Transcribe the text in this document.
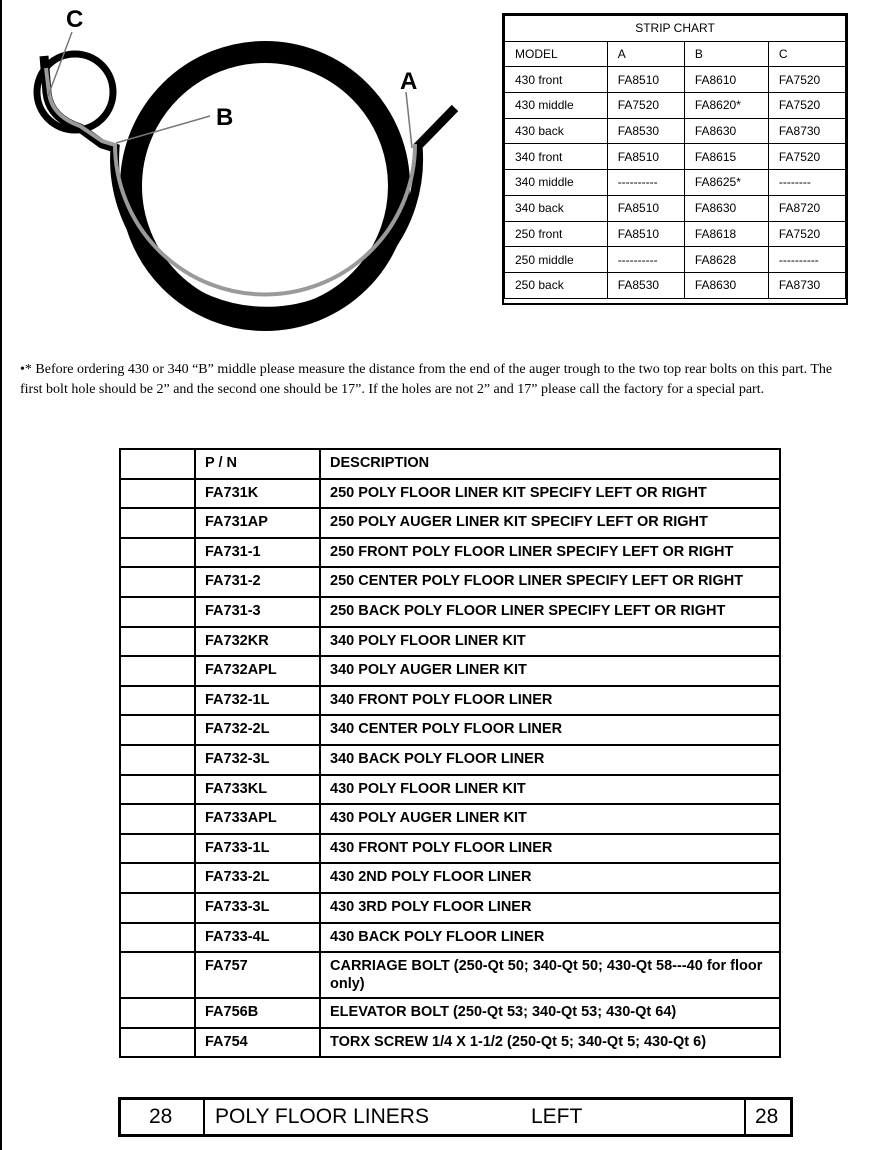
C
B
A
STRIP CHART			
MODEL	A	B	C
430 front	FA8510	FA8610	FA7520
430 middle	FA7520	FA8620*	FA7520
430 back	FA8530	FA8630	FA8730
340 front	FA8510	FA8615	FA7520
340 middle	----------	FA8625*	--------
340 back	FA8510	FA8630	FA8720
250 front	FA8510	FA8618	FA7520
250 middle	----------	FA8628	----------
250 back	FA8530	FA8630	FA8730
•* Before ordering 430 or 340 “B” middle please measure the distance from the end of the auger trough to the two top rear bolts on this part. The first bolt hole should be 2” and the second one should be 17”. If the holes are not 2” and 17” please call the factory for a special part.
	P / N	DESCRIPTION
	FA731K	250 POLY FLOOR LINER KIT SPECIFY LEFT OR RIGHT
	FA731AP	250 POLY AUGER LINER KIT SPECIFY LEFT OR RIGHT
	FA731-1	250 FRONT POLY FLOOR LINER SPECIFY LEFT OR RIGHT
	FA731-2	250 CENTER POLY FLOOR LINER SPECIFY LEFT OR RIGHT
	FA731-3	250 BACK POLY FLOOR LINER SPECIFY LEFT OR RIGHT
	FA732KR	340 POLY FLOOR LINER KIT
	FA732APL	340 POLY AUGER LINER KIT
	FA732-1L	340 FRONT POLY FLOOR LINER
	FA732-2L	340 CENTER POLY FLOOR LINER
	FA732-3L	340 BACK POLY FLOOR LINER
	FA733KL	430 POLY FLOOR LINER KIT
	FA733APL	430 POLY AUGER LINER KIT
	FA733-1L	430 FRONT POLY FLOOR LINER
	FA733-2L	430 2ND POLY FLOOR LINER
	FA733-3L	430 3RD POLY FLOOR LINER
	FA733-4L	430 BACK POLY FLOOR LINER
	FA757	CARRIAGE BOLT (250-Qt 50; 340-Qt 50; 430-Qt 58---40 for floor only)
	FA756B	ELEVATOR BOLT (250-Qt 53; 340-Qt 53; 430-Qt 64)
	FA754	TORX SCREW 1/4 X 1-1/2 (250-Qt 5; 340-Qt 5; 430-Qt 6)
28 POLY FLOOR LINERS	LEFT	28
